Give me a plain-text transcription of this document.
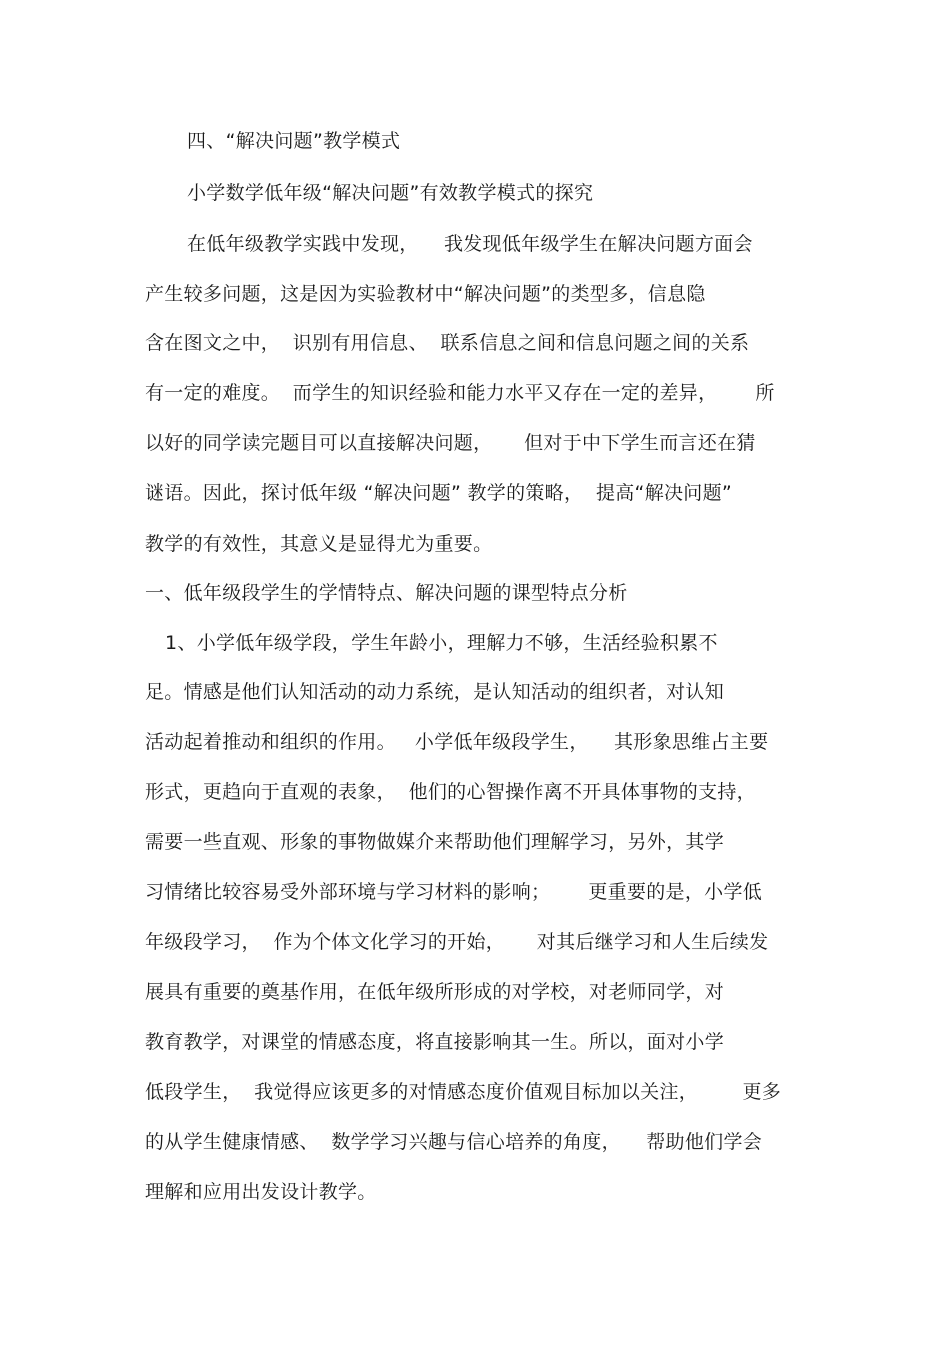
四、“解决问题”教学模式
小学数学低年级“解决问题”有效教学模式的探究
在低年级教学实践中发现，    我发现低年级学生在解决问题方面会
产生较多问题，这是因为实验教材中“解决问题”的类型多，信息隐
含在图文之中，  识别有用信息、  联系信息之间和信息问题之间的关系
有一定的难度。  而学生的知识经验和能力水平又存在一定的差异，      所
以好的同学读完题目可以直接解决问题，     但对于中下学生而言还在猜
谜语。因此，探讨低年级 “解决问题” 教学的策略，  提高“解决问题”
教学的有效性，其意义是显得尤为重要。
一、低年级段学生的学情特点、解决问题的课型特点分析
1、小学低年级学段，学生年龄小，理解力不够，生活经验积累不
足。情感是他们认知活动的动力系统，是认知活动的组织者，对认知
活动起着推动和组织的作用。   小学低年级段学生，    其形象思维占主要
形式，更趋向于直观的表象，  他们的心智操作离不开具体事物的支持，
需要一些直观、形象的事物做媒介来帮助他们理解学习，另外，其学
习情绪比较容易受外部环境与学习材料的影响；      更重要的是，小学低
年级段学习，  作为个体文化学习的开始，     对其后继学习和人生后续发
展具有重要的奠基作用，在低年级所形成的对学校，对老师同学，对
教育教学，对课堂的情感态度，将直接影响其一生。所以，面对小学
低段学生，  我觉得应该更多的对情感态度价值观目标加以关注，       更多
的从学生健康情感、  数学学习兴趣与信心培养的角度，    帮助他们学会
理解和应用出发设计教学。
